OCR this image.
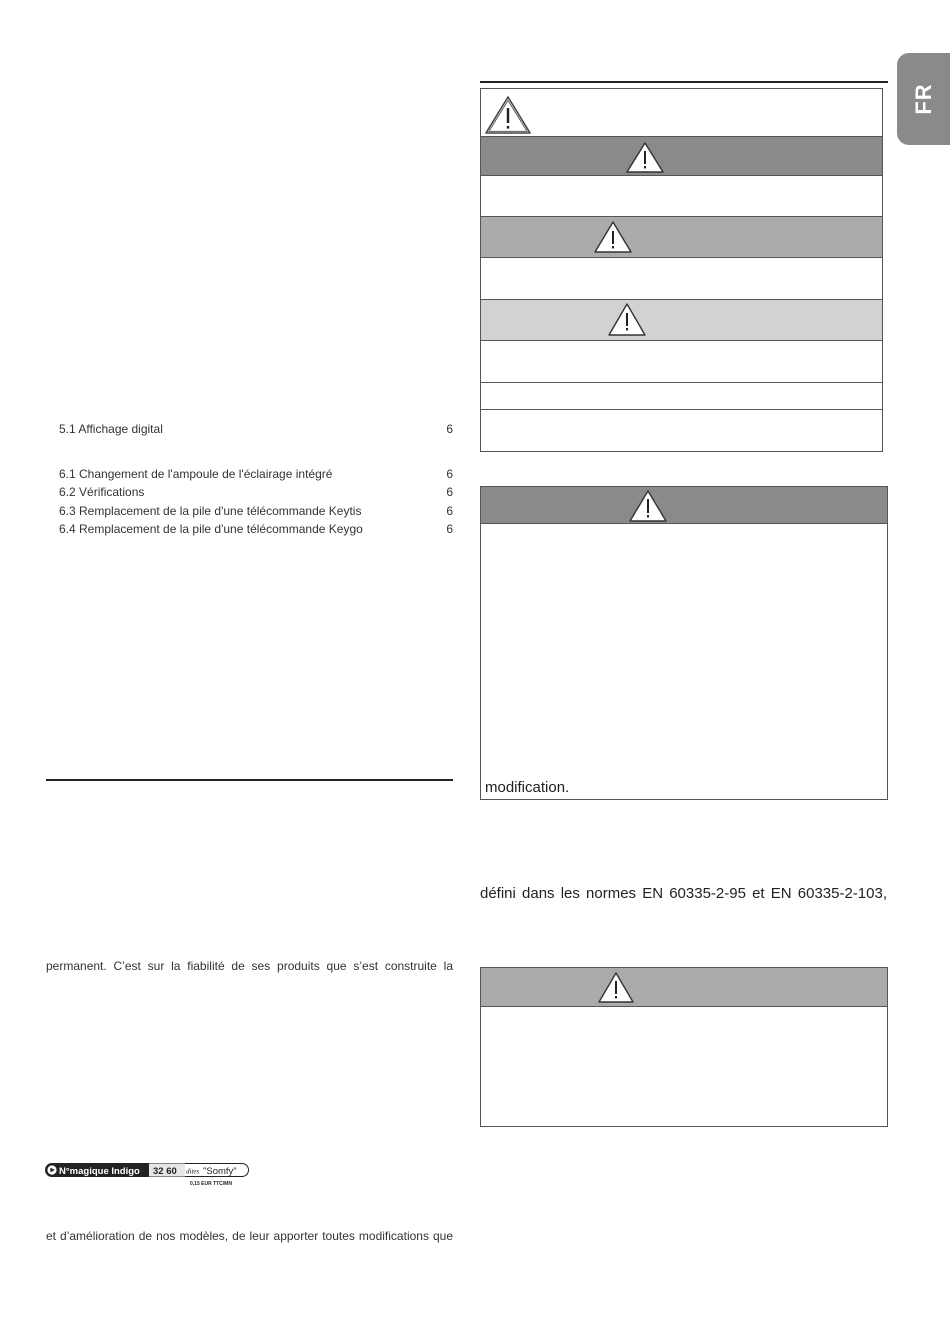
FR
5.1 Affichage digital	6
6.1 Changement de l'ampoule de l'éclairage intégré	6
6.2 Vérifications	6
6.3 Remplacement de la pile d'une télécommande Keytis	6
6.4 Remplacement de la pile d'une télécommande Keygo	6
permanent. C’est sur la fiabilité de ses produits que s’est construite la
N°magique Indigo 32 60 dites "Somfy"
0,15 EUR TTC/MN
et d’amélioration de nos modèles, de leur apporter toutes modifications que
modification.
défini dans les normes EN 60335-2-95 et EN 60335-2-103,
